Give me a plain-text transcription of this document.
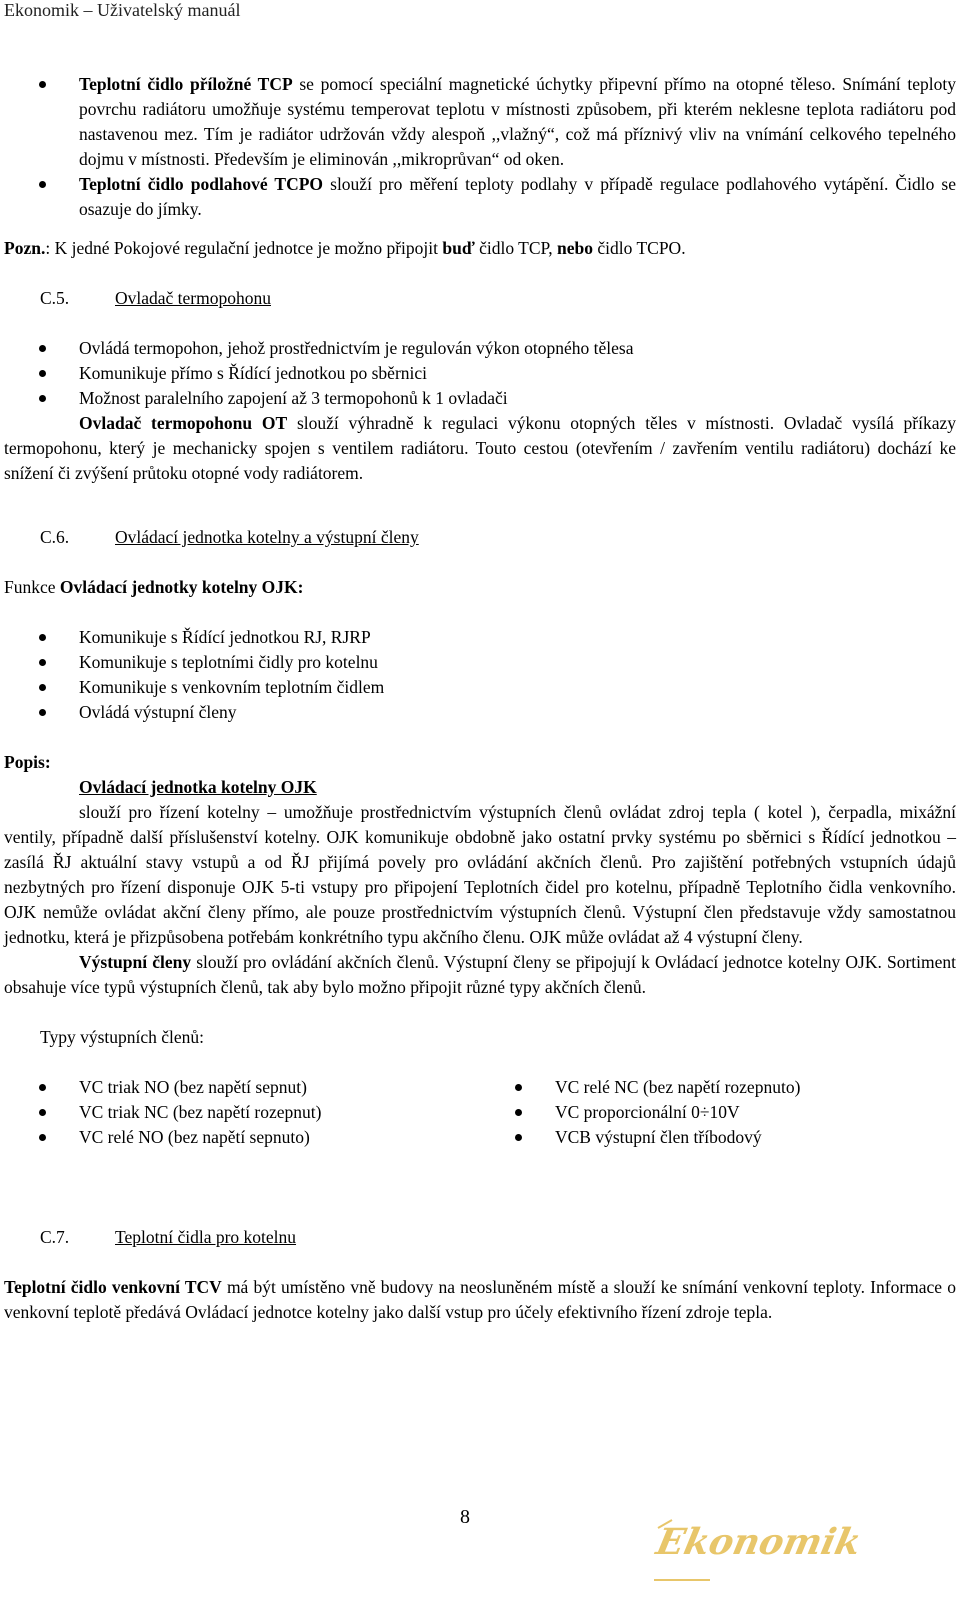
Ekonomik – Uživatelský manuál

Teplotní čidlo příložné TCP se pomocí speciální magnetické úchytky připevní přímo na otopné těleso. Snímání teploty povrchu radiátoru umožňuje systému temperovat teplotu v místnosti způsobem, při kterém neklesne teplota radiátoru pod nastavenou mez. Tím je radiátor udržován vždy alespoň ,,vlažný“, což má příznivý vliv na vnímání celkového tepelného dojmu v místnosti. Především je eliminován ,,mikroprůvan“ od oken.

Teplotní čidlo podlahové TCPO slouží pro měření teploty podlahy v případě regulace podlahového vytápění. Čidlo se osazuje do jímky.

Pozn.: K jedné Pokojové regulační jednotce je možno připojit buď čidlo TCP, nebo čidlo TCPO.

C.5.	Ovladač termopohonu

Ovládá termopohon, jehož prostřednictvím je regulován výkon otopného tělesa

Komunikuje přímo s Řídící jednotkou po sběrnici

Možnost paralelního zapojení až 3 termopohonů k 1 ovladači

Ovladač termopohonu OT slouží výhradně k regulaci výkonu otopných těles v místnosti. Ovladač vysílá příkazy termopohonu, který je mechanicky spojen s ventilem radiátoru. Touto cestou (otevřením / zavřením ventilu radiátoru) dochází ke snížení či zvýšení průtoku otopné vody radiátorem.

C.6.	Ovládací jednotka kotelny a výstupní členy

Funkce Ovládací jednotky kotelny OJK:

Komunikuje s Řídící jednotkou RJ, RJRP

Komunikuje s teplotními čidly pro kotelnu

Komunikuje s venkovním teplotním čidlem

Ovládá výstupní členy

Popis:

Ovládací jednotka kotelny OJK

slouží pro řízení kotelny – umožňuje prostřednictvím výstupních členů ovládat zdroj tepla ( kotel ), čerpadla, mixážní ventily, případně další příslušenství kotelny. OJK komunikuje obdobně jako ostatní prvky systému po sběrnici s Řídící jednotkou – zasílá ŘJ aktuální stavy vstupů a od ŘJ přijímá povely pro ovládání akčních členů. Pro zajištění potřebných vstupních údajů nezbytných pro řízení disponuje OJK 5-ti vstupy pro připojení Teplotních čidel pro kotelnu, případně Teplotního čidla venkovního. OJK nemůže ovládat akční členy přímo, ale pouze prostřednictvím výstupních členů. Výstupní člen představuje vždy samostatnou jednotku, která je přizpůsobena potřebám konkrétního typu akčního členu. OJK může ovládat až 4 výstupní členy.

Výstupní členy slouží pro ovládání akčních členů. Výstupní členy se připojují k Ovládací jednotce kotelny OJK. Sortiment obsahuje více typů výstupních členů, tak aby bylo možno připojit různé typy akčních členů.

Typy výstupních členů:

VC triak NO (bez napětí sepnut)

VC triak NC (bez napětí rozepnut)

VC relé NO (bez napětí sepnuto)

VC relé NC (bez napětí rozepnuto)

VC proporcionální 0÷10V

VCB výstupní člen tříbodový

C.7.	Teplotní čidla pro kotelnu

Teplotní čidlo venkovní TCV má být umístěno vně budovy na neosluněném místě a slouží ke snímání venkovní teploty. Informace o venkovní teplotě předává Ovládací jednotce kotelny jako další vstup pro účely efektivního řízení zdroje tepla.

8
Ekonomik
